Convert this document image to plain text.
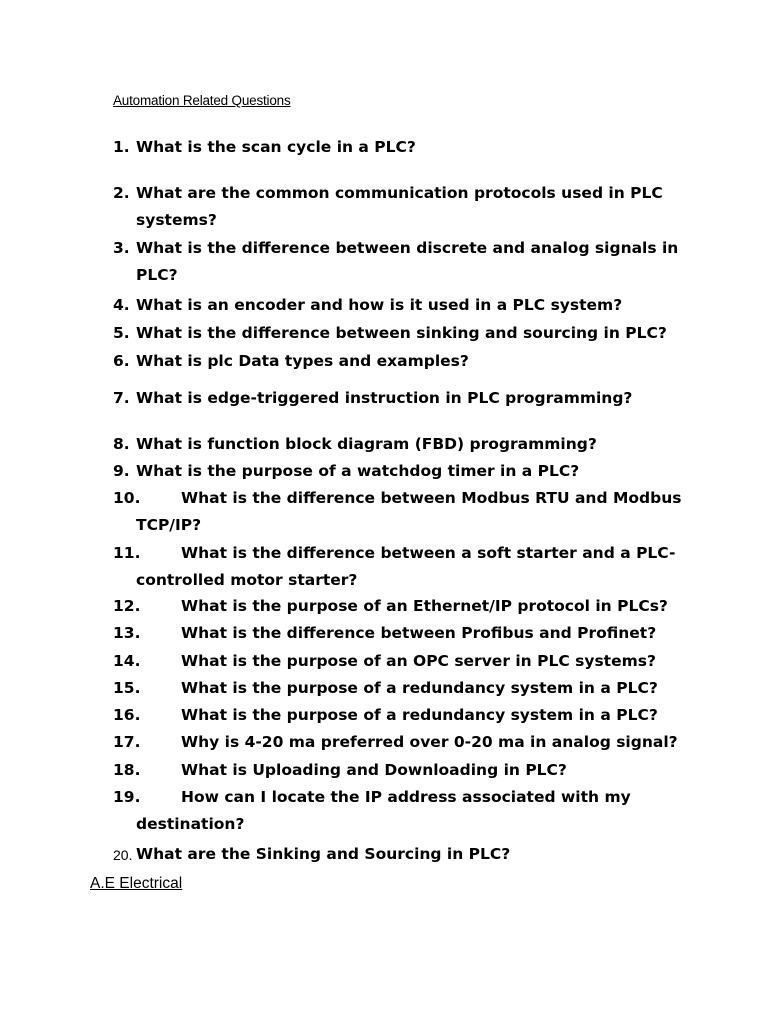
Automation Related Questions
1. What is the scan cycle in a PLC?
2. What are the common communication protocols used in PLC
systems?
3. What is the difference between discrete and analog signals in
PLC?
4. What is an encoder and how is it used in a PLC system?
5. What is the difference between sinking and sourcing in PLC?
6. What is plc Data types and examples?
7. What is edge-triggered instruction in PLC programming?
8. What is function block diagram (FBD) programming?
9. What is the purpose of a watchdog timer in a PLC?
10.	What is the difference between Modbus RTU and Modbus
TCP/IP?
11.	What is the difference between a soft starter and a PLC-
controlled motor starter?
12.	What is the purpose of an Ethernet/IP protocol in PLCs?
13.	What is the difference between Profibus and Profinet?
14.	What is the purpose of an OPC server in PLC systems?
15.	What is the purpose of a redundancy system in a PLC?
16.	What is the purpose of a redundancy system in a PLC?
17.	Why is 4-20 ma preferred over 0-20 ma in analog signal?
18.	What is Uploading and Downloading in PLC?
19.	How can I locate the IP address associated with my
destination?
20. What are the Sinking and Sourcing in PLC?
A.E Electrical
